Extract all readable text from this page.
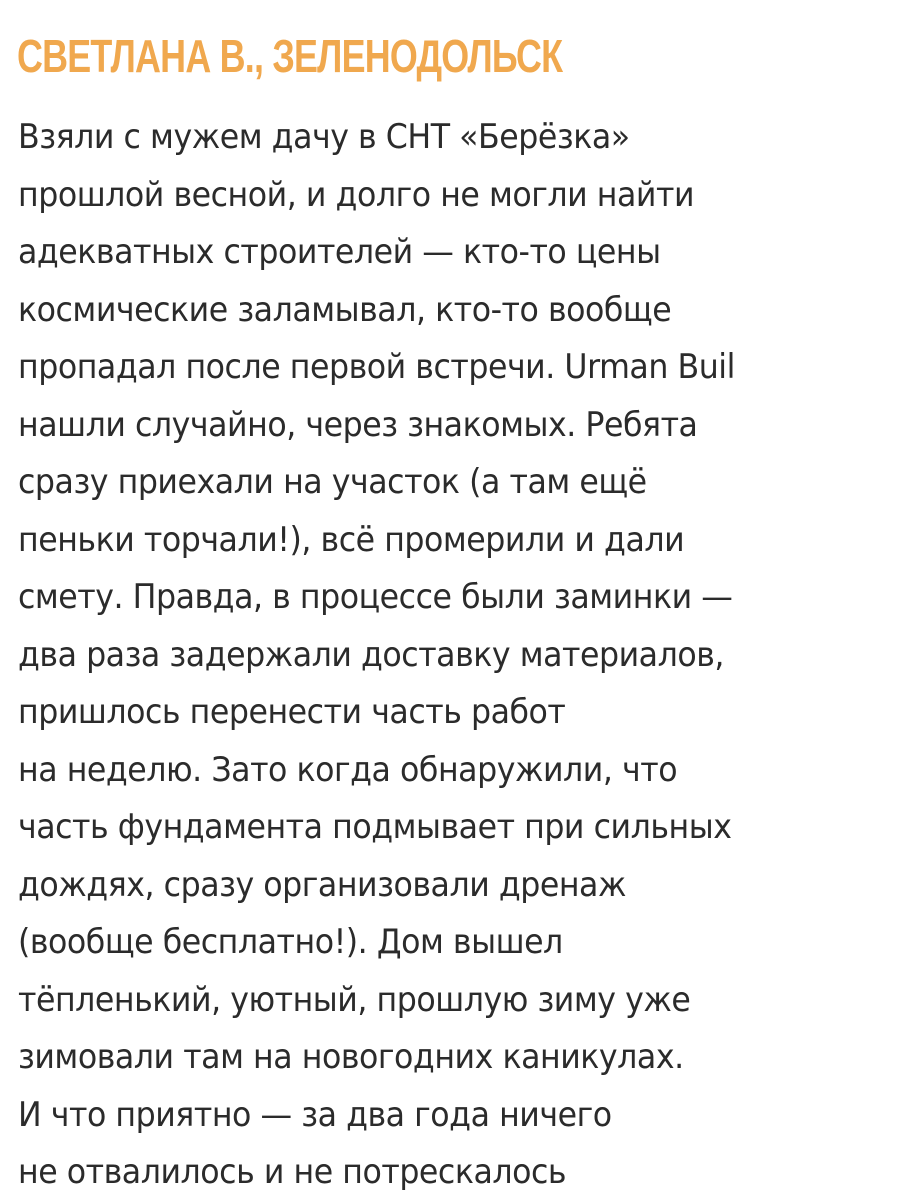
СВЕТЛАНА В., ЗЕЛЕНОДОЛЬСК
Взяли с мужем дачу в СНТ «Берёзка»
прошлой весной, и долго не могли найти
адекватных строителей — кто-то цены
космические заламывал, кто-то вообще
пропадал после первой встречи. Urman Buil
нашли случайно, через знакомых. Ребята
сразу приехали на участок (а там ещё
пеньки торчали!), всё промерили и дали
смету. Правда, в процессе были заминки —
два раза задержали доставку материалов,
пришлось перенести часть работ
на неделю. Зато когда обнаружили, что
часть фундамента подмывает при сильных
дождях, сразу организовали дренаж
(вообще бесплатно!). Дом вышел
тёпленький, уютный, прошлую зиму уже
зимовали там на новогодних каникулах.
И что приятно — за два года ничего
не отвалилось и не потрескалось
